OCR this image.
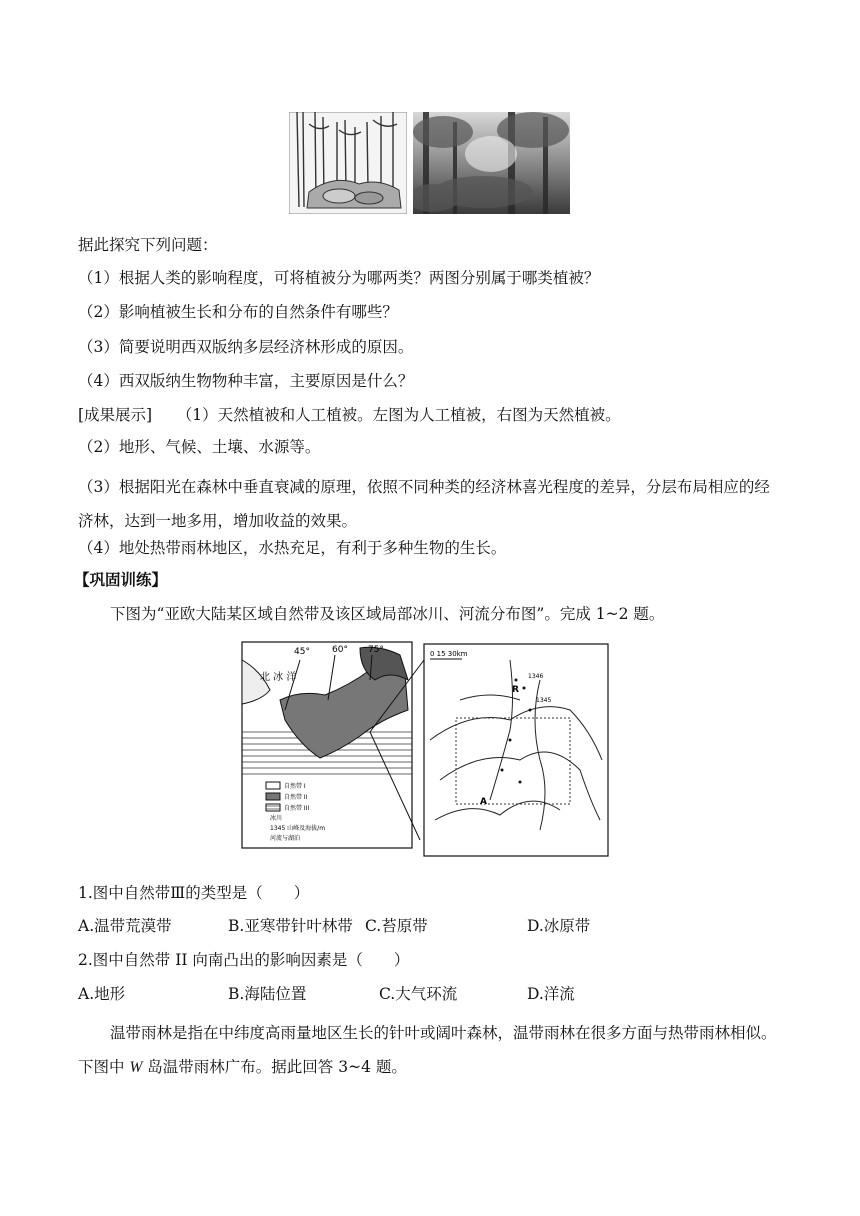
据此探究下列问题：
（1）根据人类的影响程度，可将植被分为哪两类？两图分别属于哪类植被？
（2）影响植被生长和分布的自然条件有哪些？
（3）简要说明西双版纳多层经济林形成的原因。
（4）西双版纳生物物种丰富，主要原因是什么？
[成果展示] （1）天然植被和人工植被。左图为人工植被，右图为天然植被。
（2）地形、气候、土壤、水源等。
（3）根据阳光在森林中垂直衰减的原理，依照不同种类的经济林喜光程度的差异，分层布局相应的经济林，达到一地多用，增加收益的效果。
（4）地处热带雨林地区，水热充足，有利于多种生物的生长。
【巩固训练】
下图为“亚欧大陆某区域自然带及该区域局部冰川、河流分布图”。完成 1~2 题。
45° 60° 75°
北 冰 洋
自然带 I
自然带 II
自然带 III
冰川
1345 山峰及海拔/m
河流与湖泊
0 15 30km
1346
1345
R
A
1.图中自然带Ⅲ的类型是（　　）
A.温带荒漠带	B.亚寒带针叶林带 C.苔原带	D.冰原带
2.图中自然带 II 向南凸出的影响因素是（　　）
A.地形	B.海陆位置	C.大气环流	D.洋流
温带雨林是指在中纬度高雨量地区生长的针叶或阔叶森林，温带雨林在很多方面与热带雨林相似。下图中 W 岛温带雨林广布。据此回答 3~4 题。
